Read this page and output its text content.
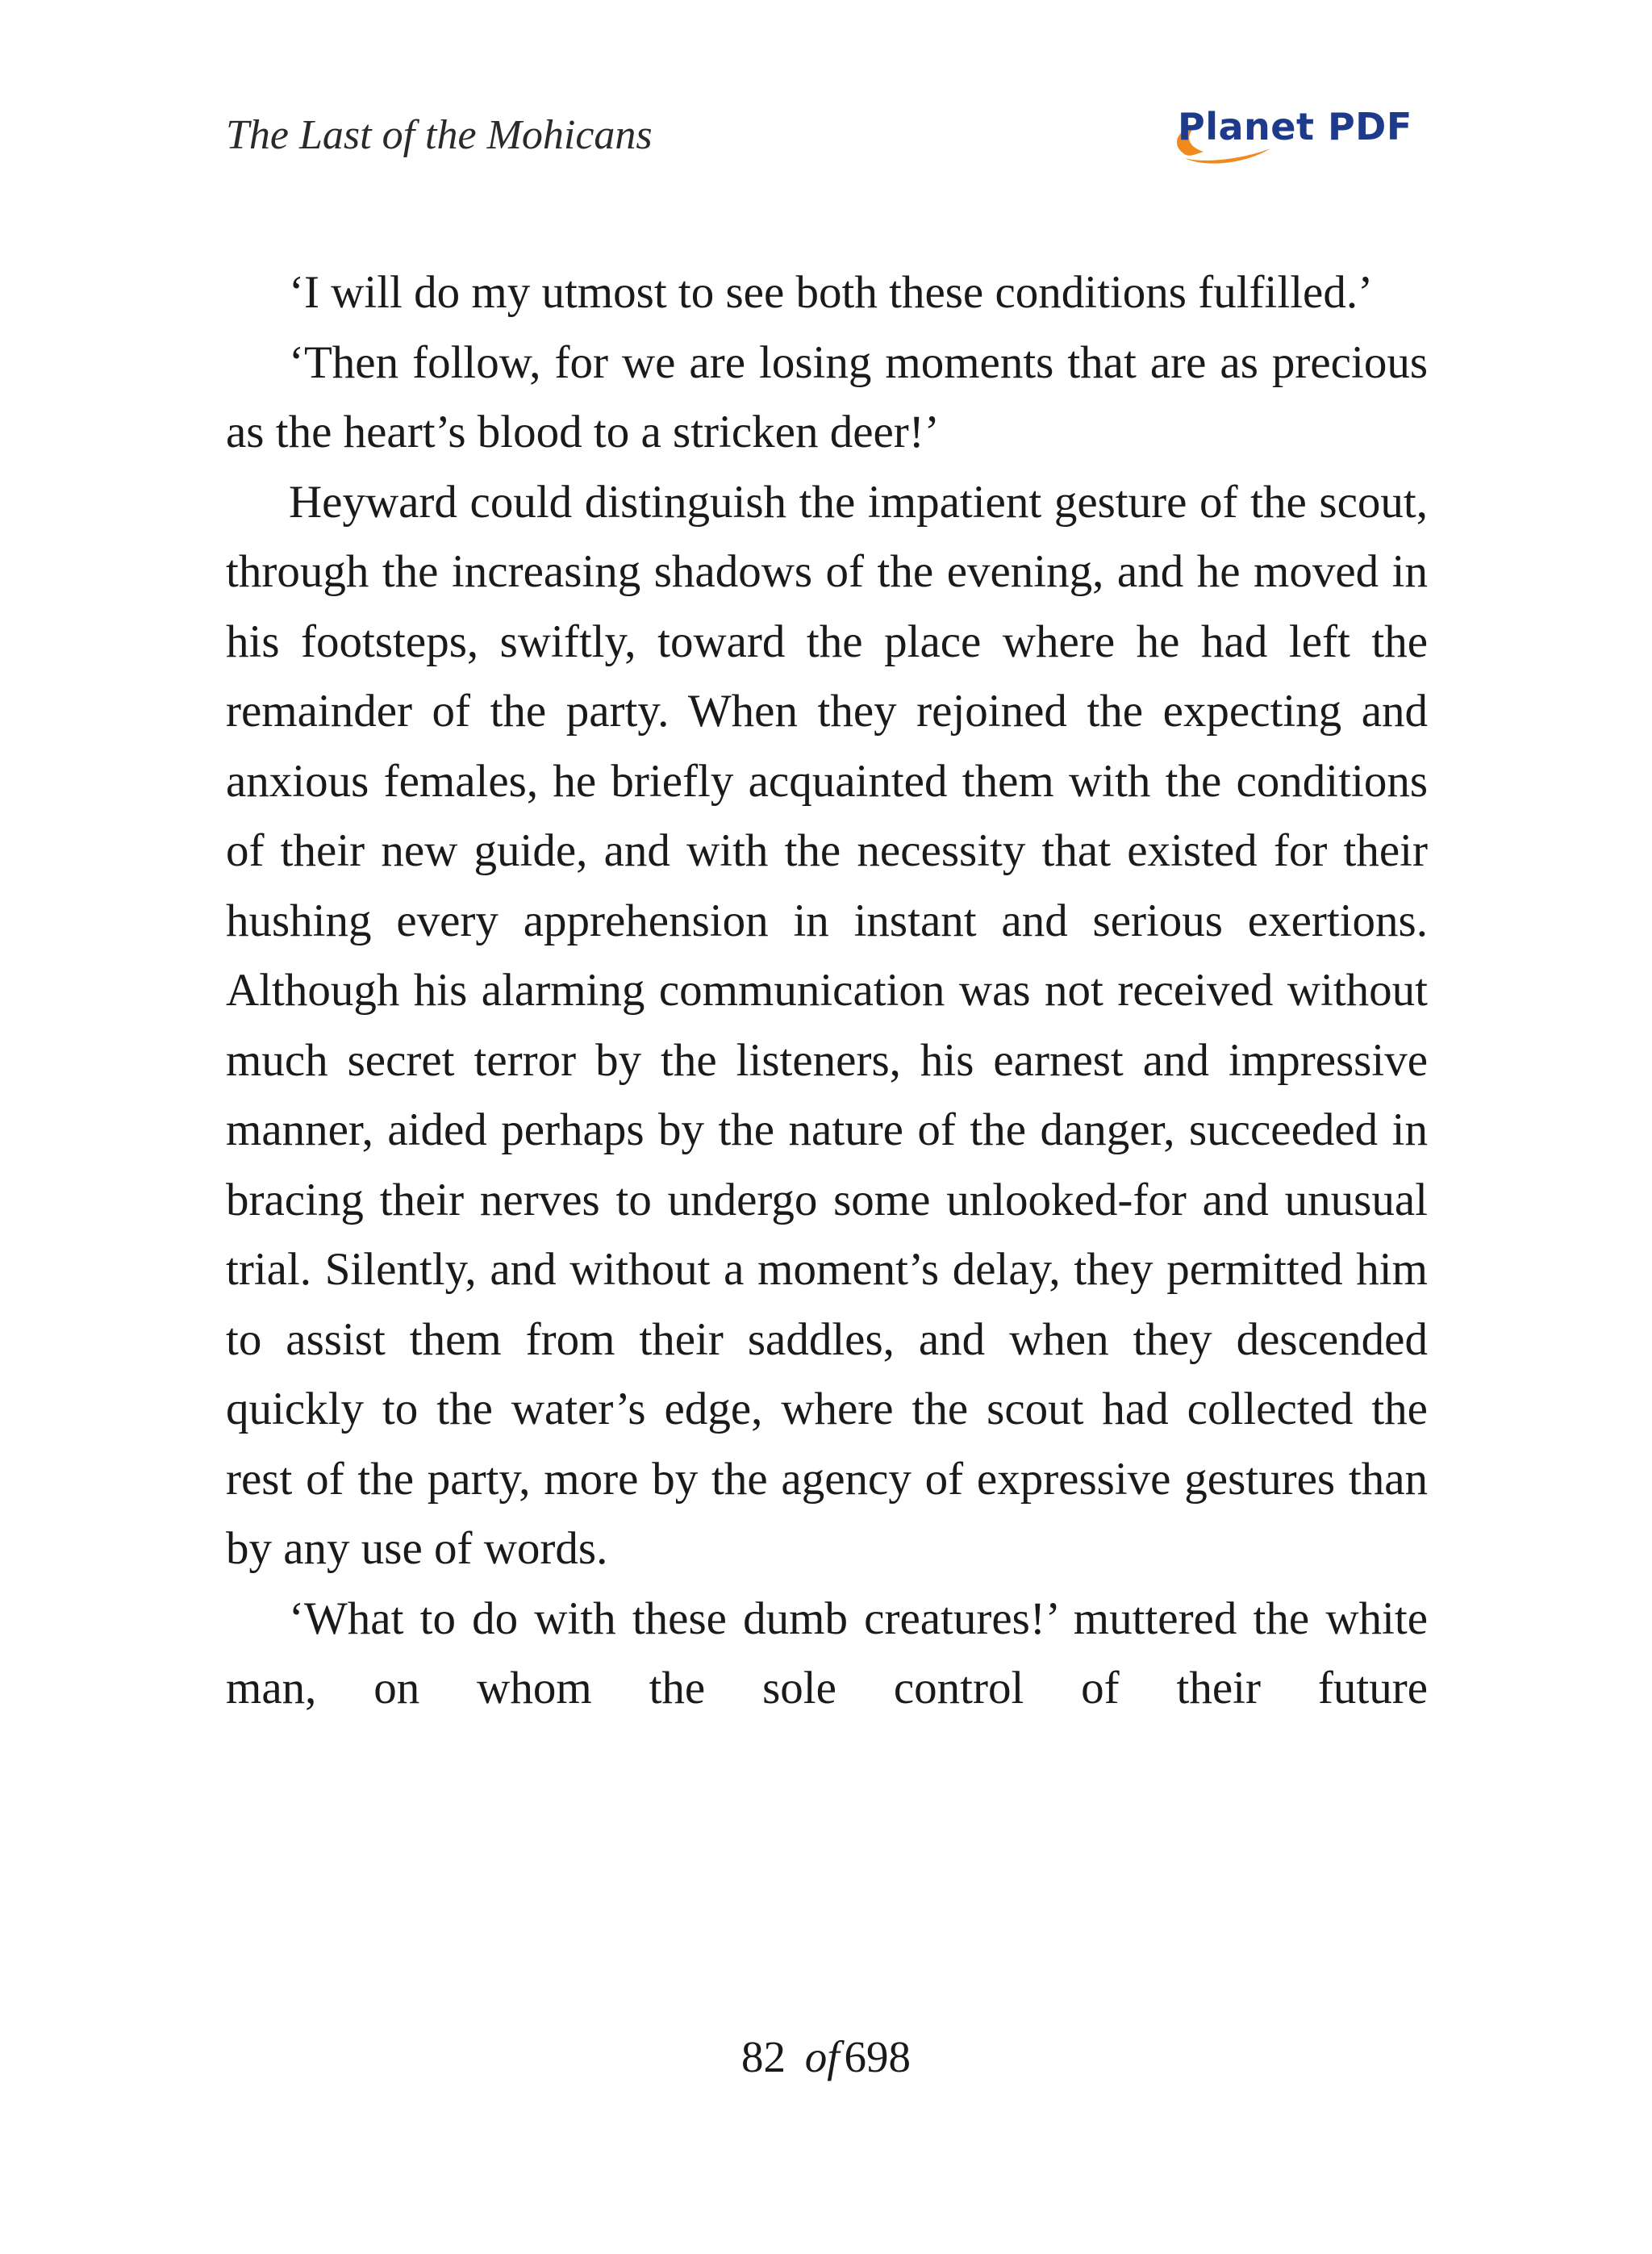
The Last of the Mohicans	Planet PDF

‘I will do my utmost to see both these conditions fulfilled.’

‘Then follow, for we are losing moments that are as precious as the heart’s blood to a stricken deer!’

Heyward could distinguish the impatient gesture of the scout, through the increasing shadows of the evening, and he moved in his footsteps, swiftly, toward the place where he had left the remainder of the party. When they rejoined the expecting and anxious females, he briefly acquainted them with the conditions of their new guide, and with the necessity that existed for their hushing every apprehension in instant and serious exertions. Although his alarming communication was not received without much secret terror by the listeners, his earnest and impressive manner, aided perhaps by the nature of the danger, succeeded in bracing their nerves to undergo some unlooked-for and unusual trial. Silently, and without a moment’s delay, they permitted him to assist them from their saddles, and when they descended quickly to the water’s edge, where the scout had collected the rest of the party, more by the agency of expressive gestures than by any use of words.

‘What to do with these dumb creatures!’ muttered the white man, on whom the sole control of their future

82 of 698
